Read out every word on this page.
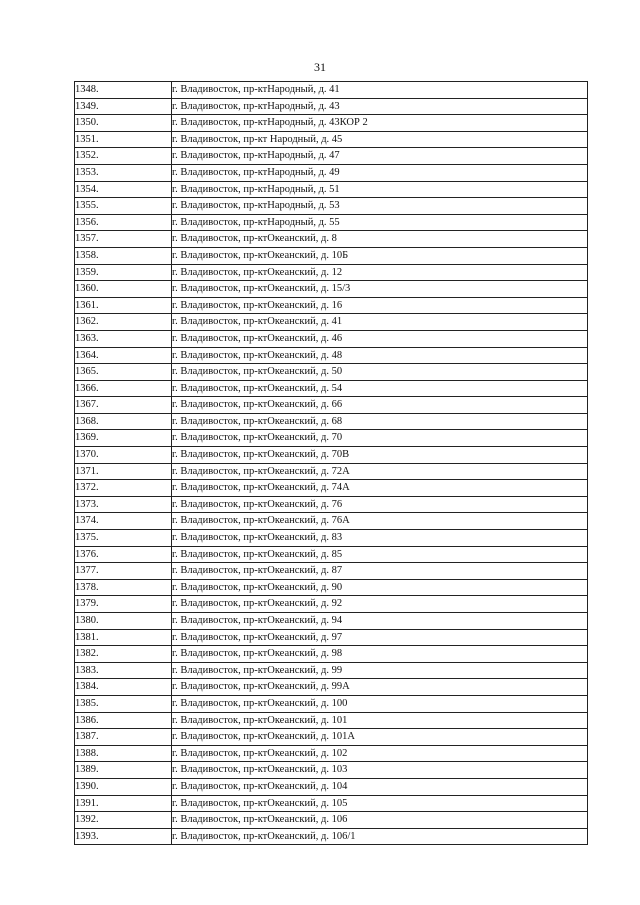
31
1348.	г. Владивосток, пр-ктНародный, д. 41
1349.	г. Владивосток, пр-ктНародный, д. 43
1350.	г. Владивосток, пр-ктНародный, д. 43КОР 2
1351.	г. Владивосток, пр-кт Народный, д. 45
1352.	г. Владивосток, пр-ктНародный, д. 47
1353.	г. Владивосток, пр-ктНародный, д. 49
1354.	г. Владивосток, пр-ктНародный, д. 51
1355.	г. Владивосток, пр-ктНародный, д. 53
1356.	г. Владивосток, пр-ктНародный, д. 55
1357.	г. Владивосток, пр-ктОкеанский, д. 8
1358.	г. Владивосток, пр-ктОкеанский, д. 10Б
1359.	г. Владивосток, пр-ктОкеанский, д. 12
1360.	г. Владивосток, пр-ктОкеанский, д. 15/3
1361.	г. Владивосток, пр-ктОкеанский, д. 16
1362.	г. Владивосток, пр-ктОкеанский, д. 41
1363.	г. Владивосток, пр-ктОкеанский, д. 46
1364.	г. Владивосток, пр-ктОкеанский, д. 48
1365.	г. Владивосток, пр-ктОкеанский, д. 50
1366.	г. Владивосток, пр-ктОкеанский, д. 54
1367.	г. Владивосток, пр-ктОкеанский, д. 66
1368.	г. Владивосток, пр-ктОкеанский, д. 68
1369.	г. Владивосток, пр-ктОкеанский, д. 70
1370.	г. Владивосток, пр-ктОкеанский, д. 70В
1371.	г. Владивосток, пр-ктОкеанский, д. 72А
1372.	г. Владивосток, пр-ктОкеанский, д. 74А
1373.	г. Владивосток, пр-ктОкеанский, д. 76
1374.	г. Владивосток, пр-ктОкеанский, д. 76А
1375.	г. Владивосток, пр-ктОкеанский, д. 83
1376.	г. Владивосток, пр-ктОкеанский, д. 85
1377.	г. Владивосток, пр-ктОкеанский, д. 87
1378.	г. Владивосток, пр-ктОкеанский, д. 90
1379.	г. Владивосток, пр-ктОкеанский, д. 92
1380.	г. Владивосток, пр-ктОкеанский, д. 94
1381.	г. Владивосток, пр-ктОкеанский, д. 97
1382.	г. Владивосток, пр-ктОкеанский, д. 98
1383.	г. Владивосток, пр-ктОкеанский, д. 99
1384.	г. Владивосток, пр-ктОкеанский, д. 99А
1385.	г. Владивосток, пр-ктОкеанский, д. 100
1386.	г. Владивосток, пр-ктОкеанский, д. 101
1387.	г. Владивосток, пр-ктОкеанский, д. 101А
1388.	г. Владивосток, пр-ктОкеанский, д. 102
1389.	г. Владивосток, пр-ктОкеанский, д. 103
1390.	г. Владивосток, пр-ктОкеанский, д. 104
1391.	г. Владивосток, пр-ктОкеанский, д. 105
1392.	г. Владивосток, пр-ктОкеанский, д. 106
1393.	г. Владивосток, пр-ктОкеанский, д. 106/1
